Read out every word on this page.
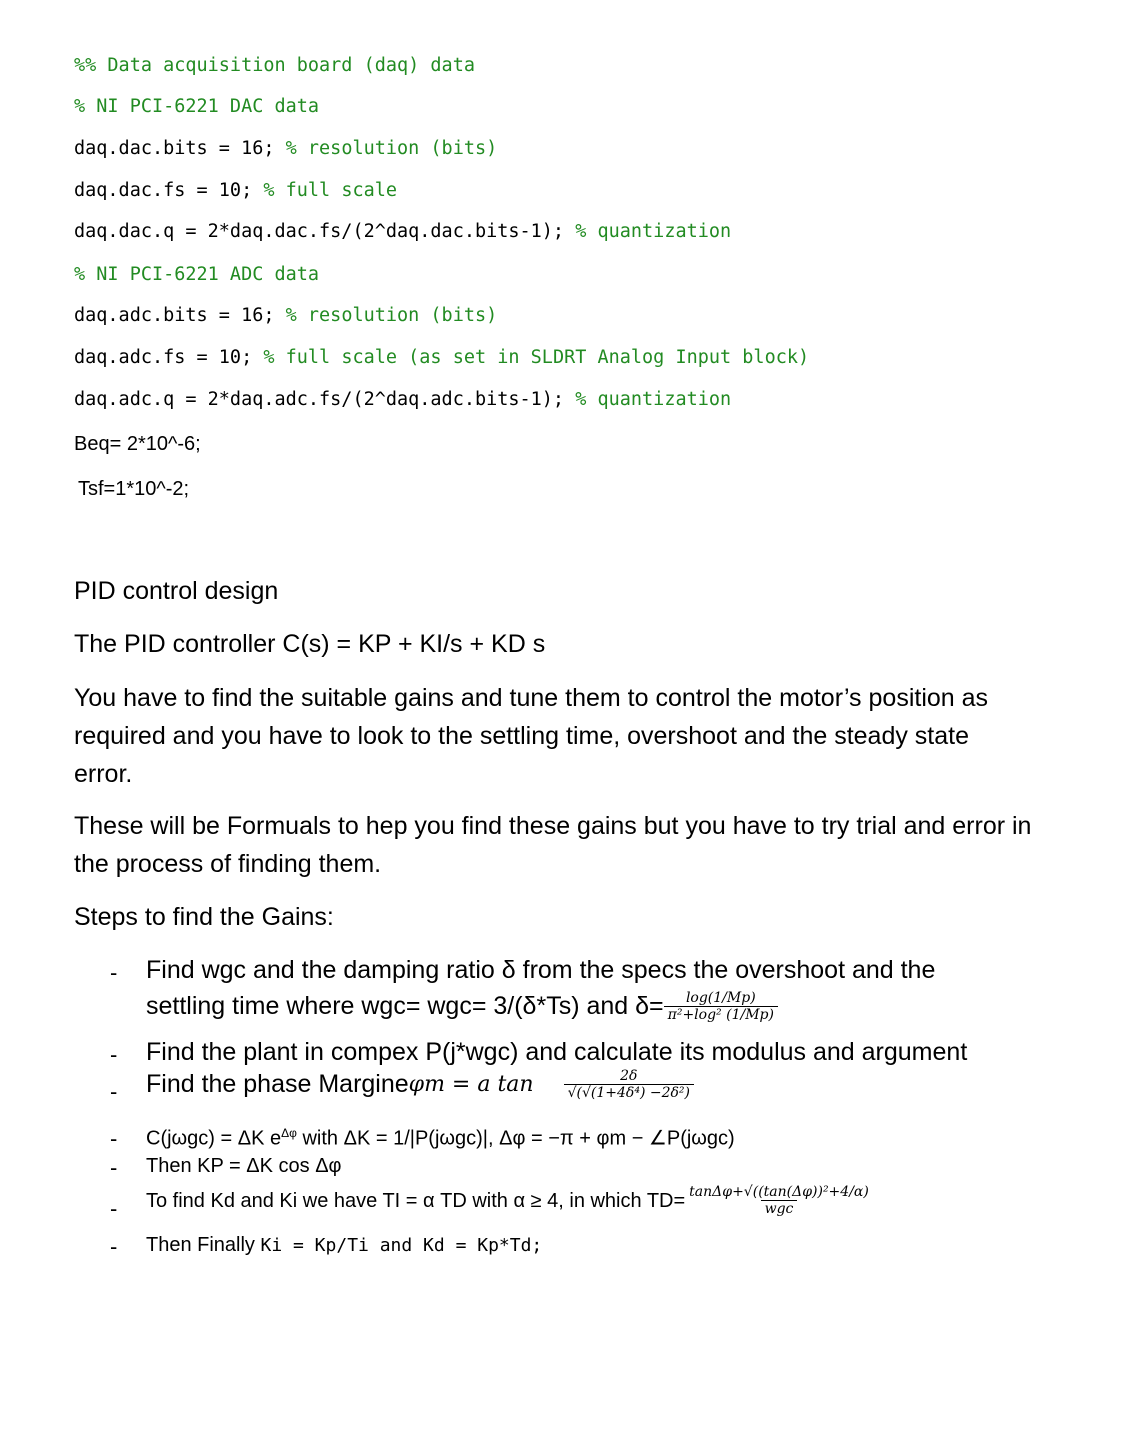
%% Data acquisition board (daq) data
% NI PCI-6221 DAC data
daq.dac.bits = 16; % resolution (bits)
daq.dac.fs = 10; % full scale
daq.dac.q = 2*daq.dac.fs/(2^daq.dac.bits-1); % quantization
% NI PCI-6221 ADC data
daq.adc.bits = 16; % resolution (bits)
daq.adc.fs = 10; % full scale (as set in SLDRT Analog Input block)
daq.adc.q = 2*daq.adc.fs/(2^daq.adc.bits-1); % quantization
Beq= 2*10^-6;
Tsf=1*10^-2;
PID control design
The PID controller C(s) = KP + KI/s + KD s
You have to find the suitable gains and tune them to control the motor’s position as required and you have to look to the settling time, overshoot and the steady state error.
These will be Formuals to hep you find these gains but you have to try trial and error in the process of finding them.
Steps to find the Gains:
- Find wgc and the damping ratio δ from the specs the overshoot and the
settling time where wgc= wgc= 3/(δ*Ts) and $\delta= \frac{\log(1/Mp)}{\text{π²+log² (1/Mp)}}$
- Find the plant in compex P(j*wgc) and calculate its modulus and argument
- Find the phase Margine φm = a $\tan \frac{2\delta}{\text{√(√(1+4δ⁴) −2δ²)}}$
- C(jωgc) = ΔK $e^{\Delta\varphi}$ with ΔK = 1/|P(jωgc)|, Δφ = −π + φm − ∠P(jωgc)
- Then KP = ΔK cos Δφ
- To find Kd and Ki we have TI = α TD with α ≥ 4, in which $TD= \frac{\text{tanΔφ+√((tan(Δφ))²+4/α)}}{\text{wgc}}$
- Then Finally Ki = Kp/Ti and Kd = Kp*Td;
